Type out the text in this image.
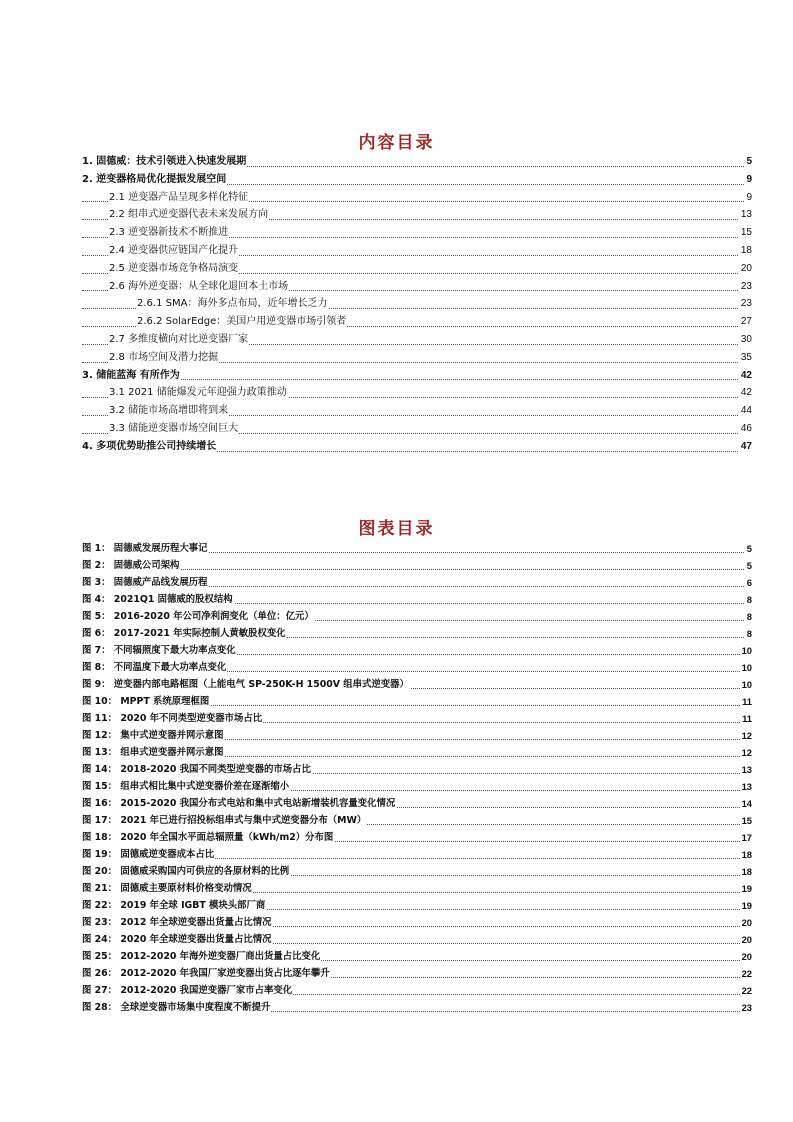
内容目录
1. 固德威：技术引领进入快速发展期	5
2. 逆变器格局优化提振发展空间	9
2.1 逆变器产品呈现多样化特征	9
2.2 组串式逆变器代表未来发展方向	13
2.3 逆变器新技术不断推进	15
2.4 逆变器供应链国产化提升	18
2.5 逆变器市场竞争格局演变	20
2.6 海外逆变器：从全球化退回本土市场	23
2.6.1 SMA：海外多点布局，近年增长乏力	23
2.6.2 SolarEdge：美国户用逆变器市场引领者	27
2.7 多维度横向对比逆变器厂家	30
2.8 市场空间及潜力挖掘	35
3. 储能蓝海 有所作为	42
3.1 2021 储能爆发元年迎强力政策推动	42
3.2 储能市场高增即将到来	44
3.3 储能逆变器市场空间巨大	46
4. 多项优势助推公司持续增长	47
图表目录
图 1： 固德威发展历程大事记	5
图 2： 固德威公司架构	5
图 3： 固德威产品线发展历程	6
图 4： 2021Q1 固德威的股权结构	8
图 5： 2016-2020 年公司净利润变化（单位：亿元）	8
图 6： 2017-2021 年实际控制人黄敏股权变化	8
图 7： 不同辐照度下最大功率点变化	10
图 8： 不同温度下最大功率点变化	10
图 9： 逆变器内部电路框图（上能电气 SP-250K-H 1500V 组串式逆变器）	10
图 10： MPPT 系统原理框图	11
图 11： 2020 年不同类型逆变器市场占比	11
图 12： 集中式逆变器并网示意图	12
图 13： 组串式逆变器并网示意图	12
图 14： 2018-2020 我国不同类型逆变器的市场占比	13
图 15： 组串式相比集中式逆变器价差在逐渐缩小	13
图 16： 2015-2020 我国分布式电站和集中式电站新增装机容量变化情况	14
图 17： 2021 年已进行招投标组串式与集中式逆变器分布（MW）	15
图 18： 2020 年全国水平面总辐照量（kWh/m2）分布图	17
图 19： 固德威逆变器成本占比	18
图 20： 固德威采购国内可供应的各原材料的比例	18
图 21： 固德威主要原材料价格变动情况	19
图 22： 2019 年全球 IGBT 模块头部厂商	19
图 23： 2012 年全球逆变器出货量占比情况	20
图 24： 2020 年全球逆变器出货量占比情况	20
图 25： 2012-2020 年海外逆变器厂商出货量占比变化	20
图 26： 2012-2020 年我国厂家逆变器出货占比逐年攀升	22
图 27： 2012-2020 我国逆变器厂家市占率变化	22
图 28： 全球逆变器市场集中度程度不断提升	23
